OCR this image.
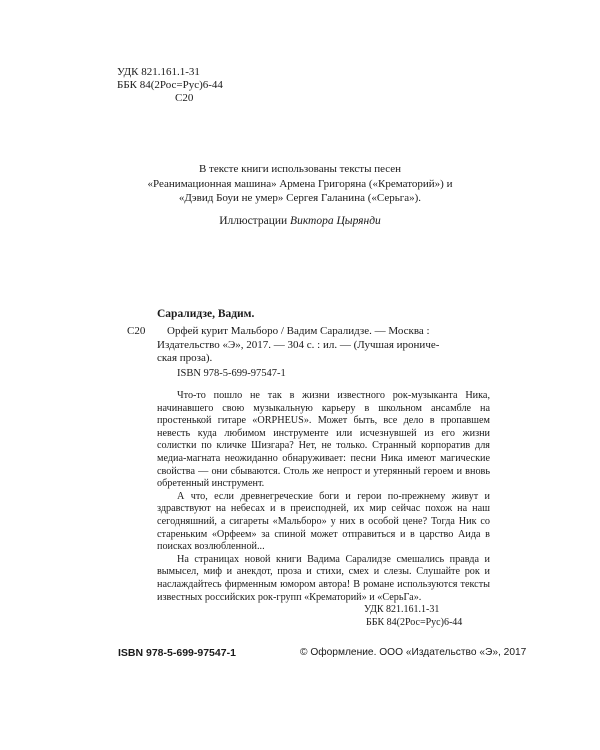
УДК 821.161.1-31
ББК 84(2Рос=Рус)6-44
С20
В тексте книги использованы тексты песен
«Реанимационная машина» Армена Григоряна («Крематорий») и
«Дэвид Боуи не умер» Сергея Галанина («Серьга»).
Иллюстрации Виктора Цырянди
Саралидзе, Вадим.
С20	Орфей курит Мальборо / Вадим Саралидзе. — Москва :
Издательство «Э», 2017. — 304 с. : ил. — (Лучшая ирониче-
ская проза).
ISBN 978-5-699-97547-1

Что-то пошло не так в жизни известного рок-музыканта Ника, начинавшего свою музыкальную карьеру в школьном ансамбле на простенькой гитаре «ORPHEUS». Может быть, все дело в пропавшем невесть куда любимом инструменте или исчезнувшей из его жизни солистки по кличке Шизгара? Нет, не только. Странный корпоратив для медиа-магната неожиданно обнаруживает: песни Ника имеют магические свойства — они сбываются. Столь же непрост и утерянный героем и вновь обретенный инструмент.

А что, если древнегреческие боги и герои по-прежнему живут и здравствуют на небесах и в преисподней, их мир сейчас похож на наш сегодняшний, а сигареты «Мальборо» у них в особой цене? Тогда Ник со стареньким «Орфеем» за спиной может отправиться и в царство Аида в поисках возлюбленной...

На страницах новой книги Вадима Саралидзе смешались правда и вымысел, миф и анекдот, проза и стихи, смех и слезы. Слушайте рок и наслаждайтесь фирменным юмором автора! В романе используются тексты известных российских рок-групп «Крематорий» и «СерьГа».

УДК 821.161.1-31
ББК 84(2Рос=Рус)6-44
ISBN 978-5-699-97547-1	© Оформление. ООО «Издательство «Э», 2017
